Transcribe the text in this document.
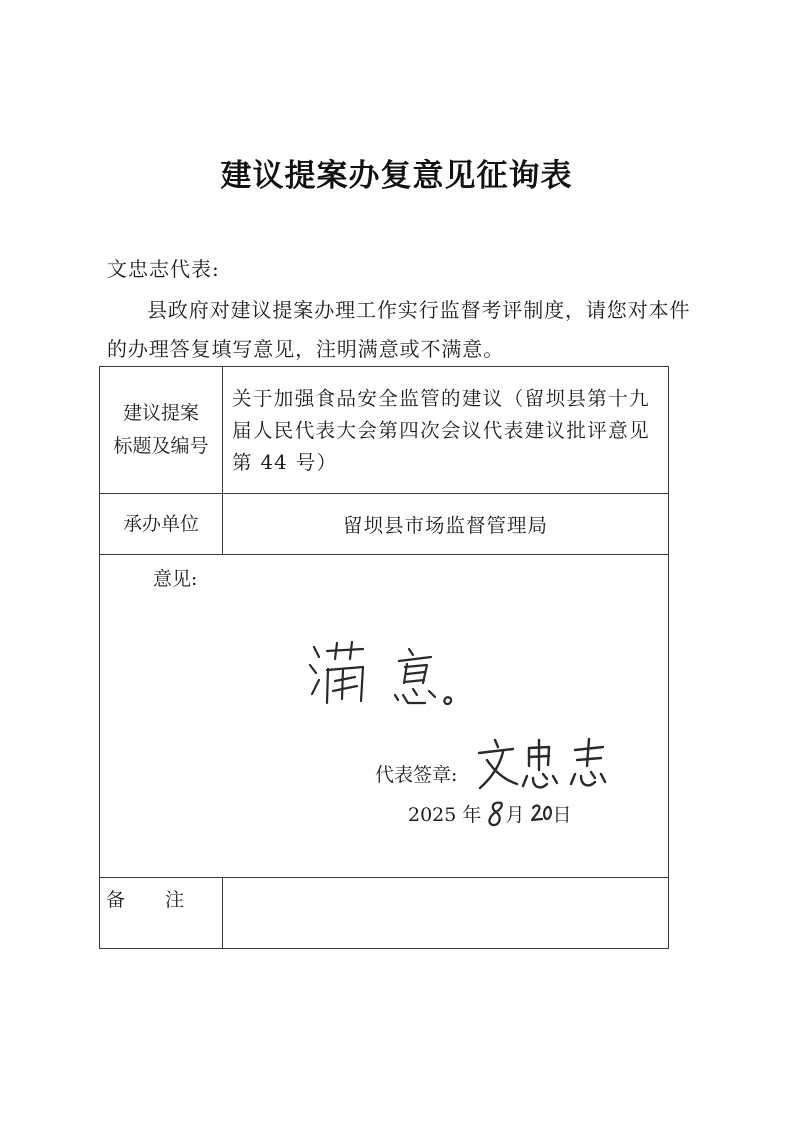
建议提案办复意见征询表
文忠志代表:
县政府对建议提案办理工作实行监督考评制度，请您对本件的办理答复填写意见，注明满意或不满意。
建议提案
标题及编号	关于加强食品安全监管的建议（留坝县第十九届人民代表大会第四次会议代表建议批评意见第 44 号）
承办单位	留坝县市场监督管理局

意见:
代表签章:
2025 年 月 日	

备 注	
